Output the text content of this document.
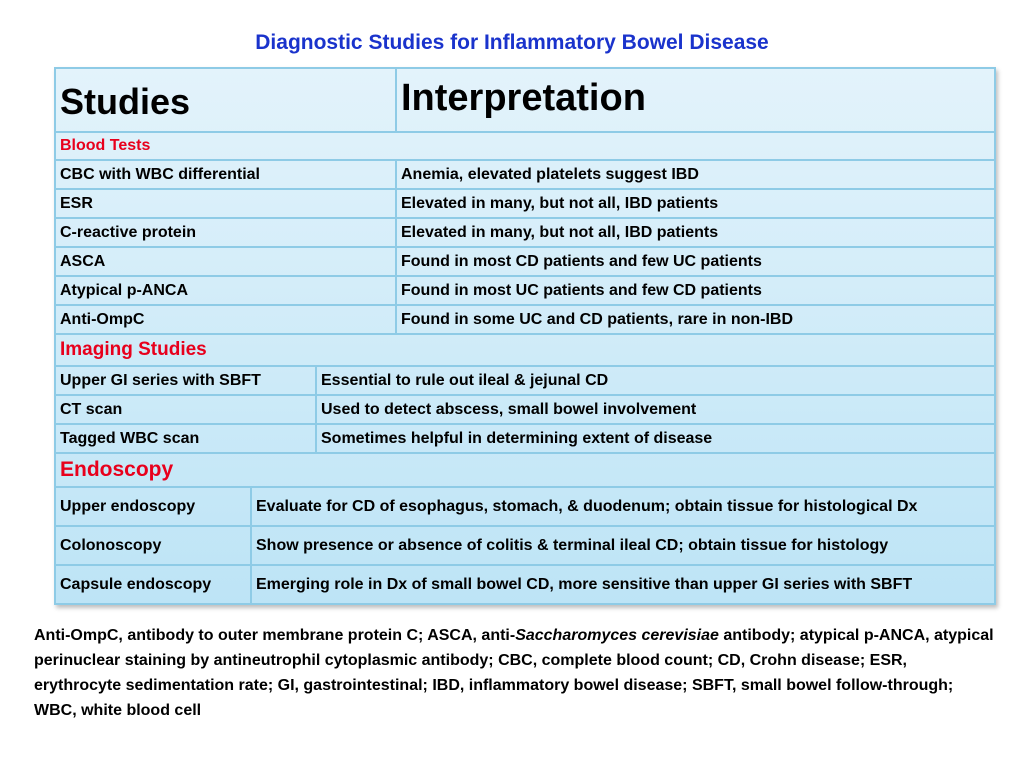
Diagnostic Studies for Inflammatory Bowel Disease
Studies	Interpretation
Blood Tests
CBC with WBC differential	Anemia, elevated platelets suggest IBD
ESR	Elevated in many, but not all, IBD patients
C-reactive protein	Elevated in many, but not all, IBD patients
ASCA	Found in most CD patients and few UC patients
Atypical p-ANCA	Found in most UC patients and few CD patients
Anti-OmpC	Found in some UC and CD patients, rare in non-IBD
Imaging Studies
Upper GI series with SBFT	Essential to rule out ileal & jejunal CD
CT scan	Used to detect abscess, small bowel involvement
Tagged WBC scan	Sometimes helpful in determining extent of disease
Endoscopy
Upper endoscopy	Evaluate for CD of esophagus, stomach, & duodenum; obtain tissue for histological Dx
Colonoscopy	Show presence or absence of colitis & terminal ileal CD; obtain tissue for histology
Capsule endoscopy	Emerging role in Dx of small bowel CD, more sensitive than upper GI series with SBFT
Anti-OmpC, antibody to outer membrane protein C; ASCA, anti-Saccharomyces cerevisiae antibody; atypical p-ANCA, atypical perinuclear staining by antineutrophil cytoplasmic antibody; CBC, complete blood count; CD, Crohn disease; ESR, erythrocyte sedimentation rate; GI, gastrointestinal; IBD, inflammatory bowel disease; SBFT, small bowel follow-through; WBC, white blood cell
